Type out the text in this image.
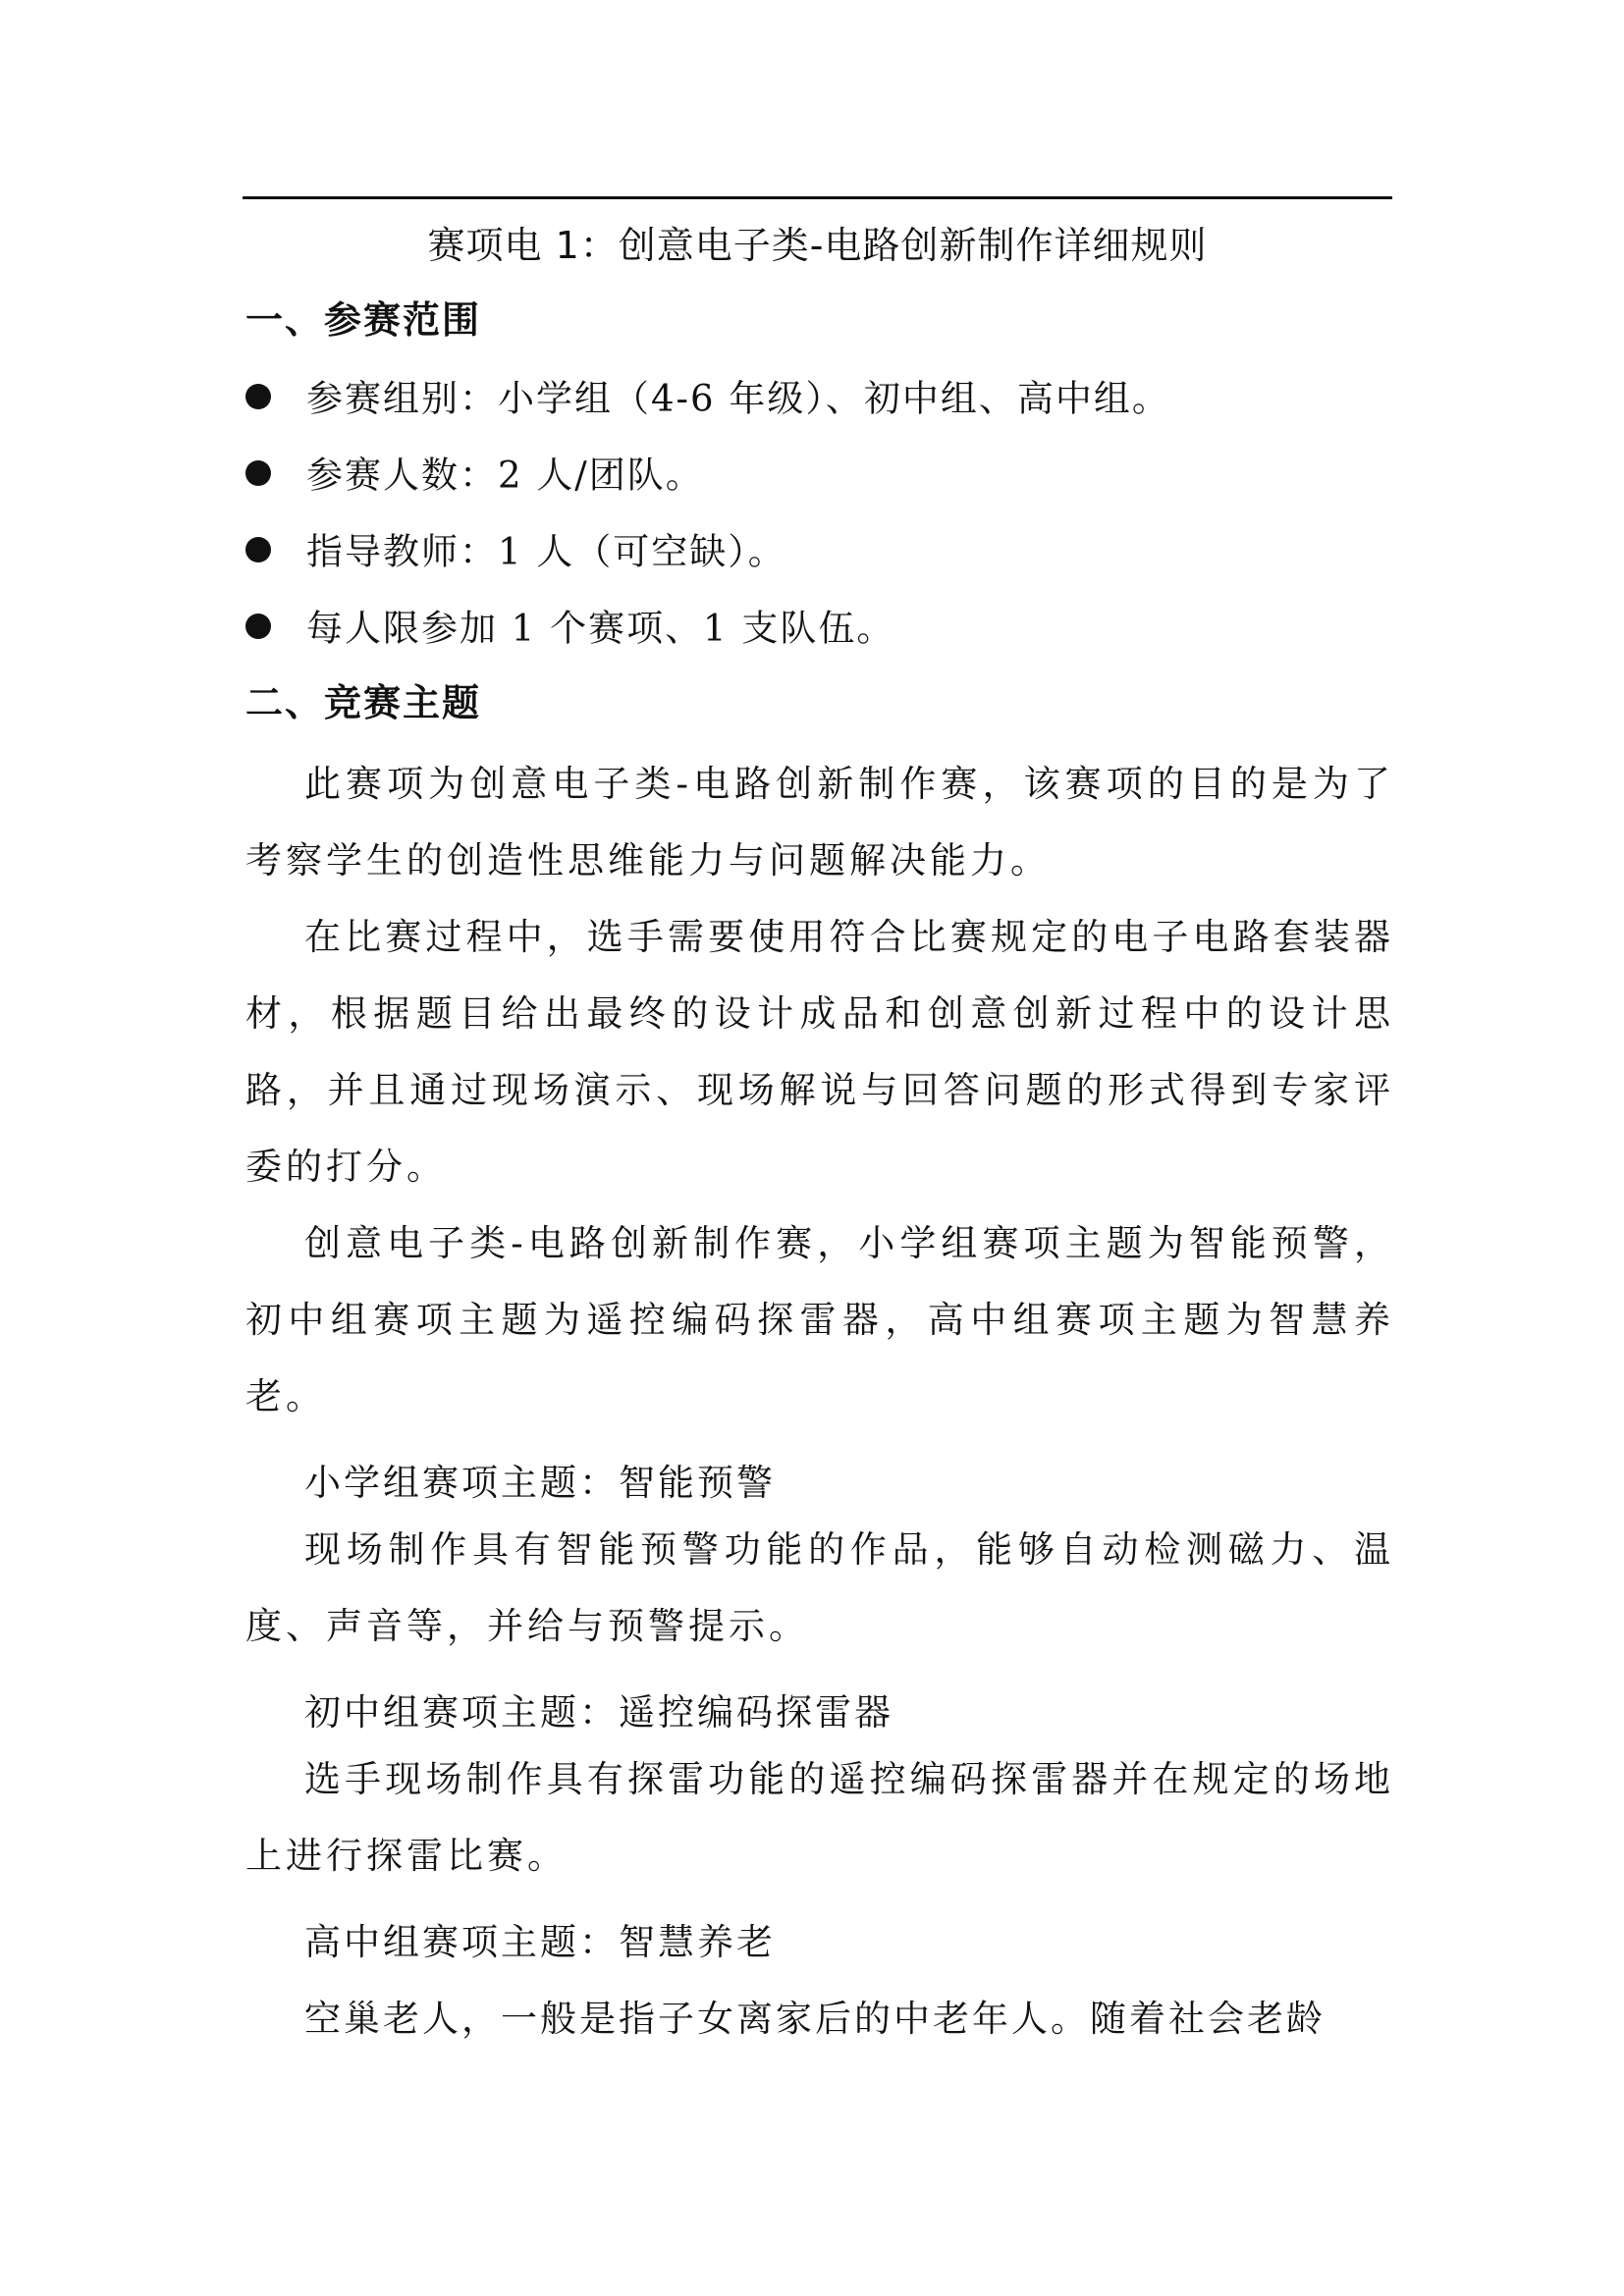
赛项电 1：创意电子类-电路创新制作详细规则
一、参赛范围
参赛组别：小学组（4-6 年级）、初中组、高中组。
参赛人数：2 人/团队。
指导教师：1 人（可空缺）。
每人限参加 1 个赛项、1 支队伍。
二、竞赛主题

此赛项为创意电子类-电路创新制作赛，该赛项的目的是为了考察学生的创造性思维能力与问题解决能力。

在比赛过程中，选手需要使用符合比赛规定的电子电路套装器材，根据题目给出最终的设计成品和创意创新过程中的设计思路，并且通过现场演示、现场解说与回答问题的形式得到专家评委的打分。

创意电子类-电路创新制作赛，小学组赛项主题为智能预警，初中组赛项主题为遥控编码探雷器，高中组赛项主题为智慧养老。

小学组赛项主题：智能预警

现场制作具有智能预警功能的作品，能够自动检测磁力、温度、声音等，并给与预警提示。

初中组赛项主题：遥控编码探雷器

选手现场制作具有探雷功能的遥控编码探雷器并在规定的场地上进行探雷比赛。

高中组赛项主题：智慧养老
空巢老人，一般是指子女离家后的中老年人。随着社会老龄
